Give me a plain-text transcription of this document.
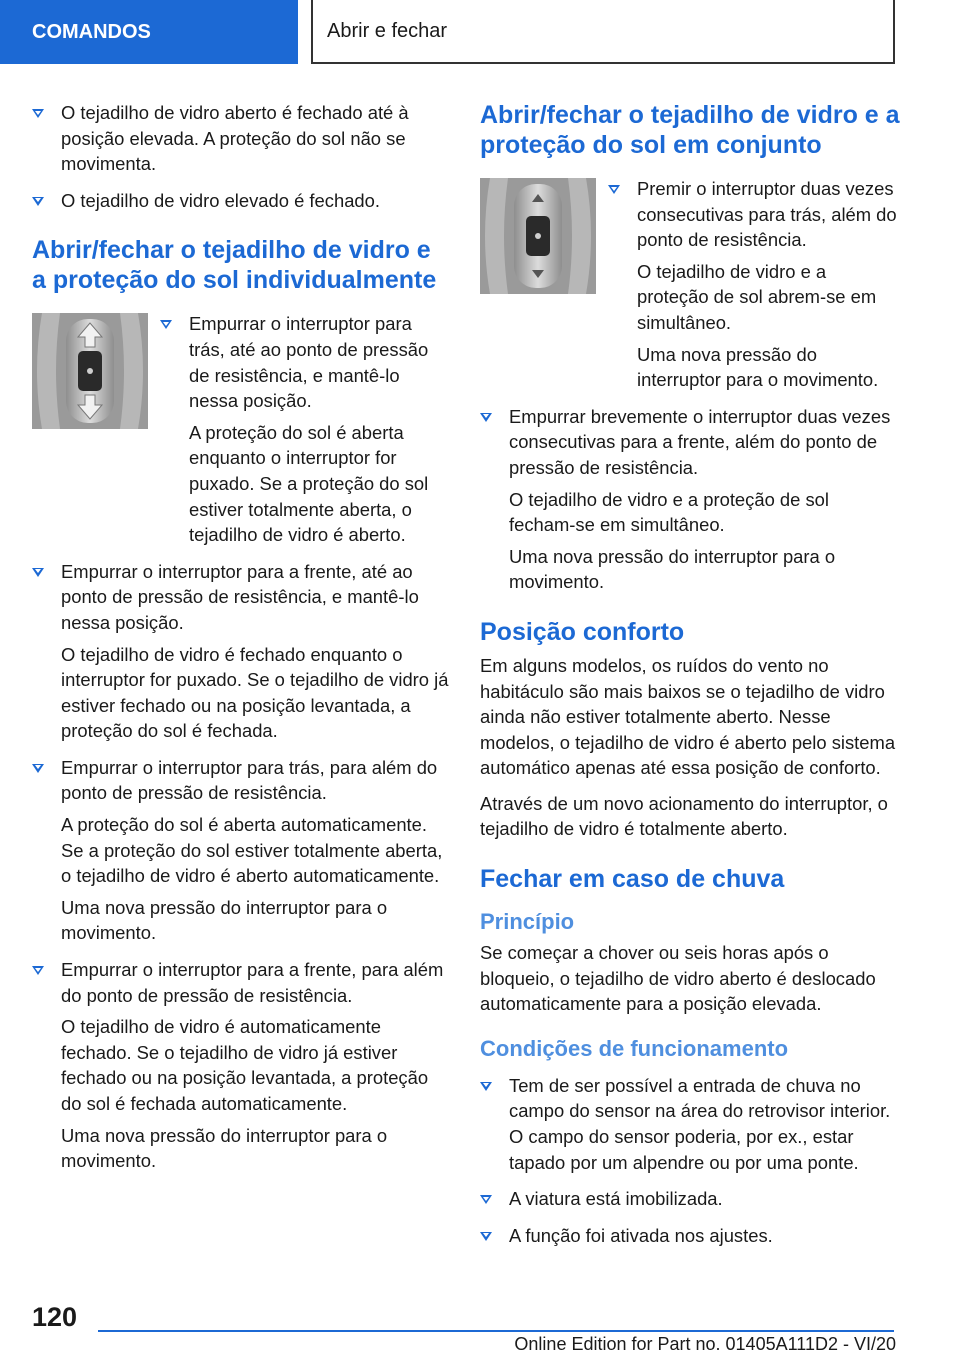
COMANDOS	Abrir e fechar

O tejadilho de vidro aberto é fechado até à posição elevada. A proteção do sol não se movimenta.

O tejadilho de vidro elevado é fechado.

Abrir/fechar o tejadilho de vidro e a proteção do sol individualmente

Empurrar o interruptor para trás, até ao ponto de pressão de resistência, e mantê-lo nessa posição.

A proteção do sol é aberta enquanto o interruptor for puxado. Se a proteção do sol estiver totalmente aberta, o tejadilho de vidro é aberto.

Empurrar o interruptor para a frente, até ao ponto de pressão de resistência, e mantê-lo nessa posição.

O tejadilho de vidro é fechado enquanto o interruptor for puxado. Se o tejadilho de vidro já estiver fechado ou na posição levantada, a proteção do sol é fechada.

Empurrar o interruptor para trás, para além do ponto de pressão de resistência.

A proteção do sol é aberta automaticamente. Se a proteção do sol estiver totalmente aberta, o tejadilho de vidro é aberto automaticamente.

Uma nova pressão do interruptor para o movimento.

Empurrar o interruptor para a frente, para além do ponto de pressão de resistência.

O tejadilho de vidro é automaticamente fechado. Se o tejadilho de vidro já estiver fechado ou na posição levantada, a proteção do sol é fechada automaticamente.

Uma nova pressão do interruptor para o movimento.

Abrir/fechar o tejadilho de vidro e a proteção do sol em conjunto

Premir o interruptor duas vezes consecutivas para trás, além do ponto de resistência.

O tejadilho de vidro e a proteção de sol abrem-se em simultâneo.

Uma nova pressão do interruptor para o movimento.

Empurrar brevemente o interruptor duas vezes consecutivas para a frente, além do ponto de pressão de resistência.

O tejadilho de vidro e a proteção de sol fecham-se em simultâneo.

Uma nova pressão do interruptor para o movimento.

Posição conforto

Em alguns modelos, os ruídos do vento no habitáculo são mais baixos se o tejadilho de vidro ainda não estiver totalmente aberto. Nesse modelos, o tejadilho de vidro é aberto pelo sistema automático apenas até essa posição de conforto.

Através de um novo acionamento do interruptor, o tejadilho de vidro é totalmente aberto.

Fechar em caso de chuva
Princípio

Se começar a chover ou seis horas após o bloqueio, o tejadilho de vidro aberto é deslocado automaticamente para a posição elevada.

Condições de funcionamento

Tem de ser possível a entrada de chuva no campo do sensor na área do retrovisor interior. O campo do sensor poderia, por ex., estar tapado por um alpendre ou por uma ponte.

A viatura está imobilizada.

A função foi ativada nos ajustes.

120
Online Edition for Part no. 01405A111D2 - VI/20
